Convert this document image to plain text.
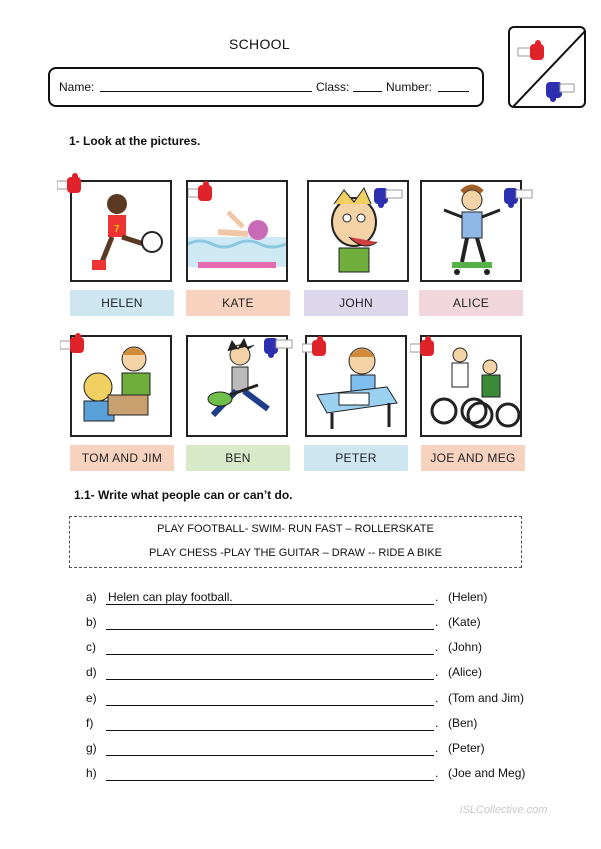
SCHOOL
Name:	Class:	Number:
1- Look at the pictures.
7
HELEN	KATE	JOHN	ALICE
TOM AND JIM	BEN	PETER	JOE AND MEG
1.1- Write what people can or can’t do.
PLAY FOOTBALL- SWIM- RUN FAST – ROLLERSKATE
PLAY CHESS -PLAY THE GUITAR – DRAW -- RIDE A BIKE
a) Helen can play football.	. (Helen)
b)	. (Kate)
c)	. (John)
d)	. (Alice)
e)	. (Tom and Jim)
f)	. (Ben)
g)	. (Peter)
h)	. (Joe and Meg)
iSLCollective.com
